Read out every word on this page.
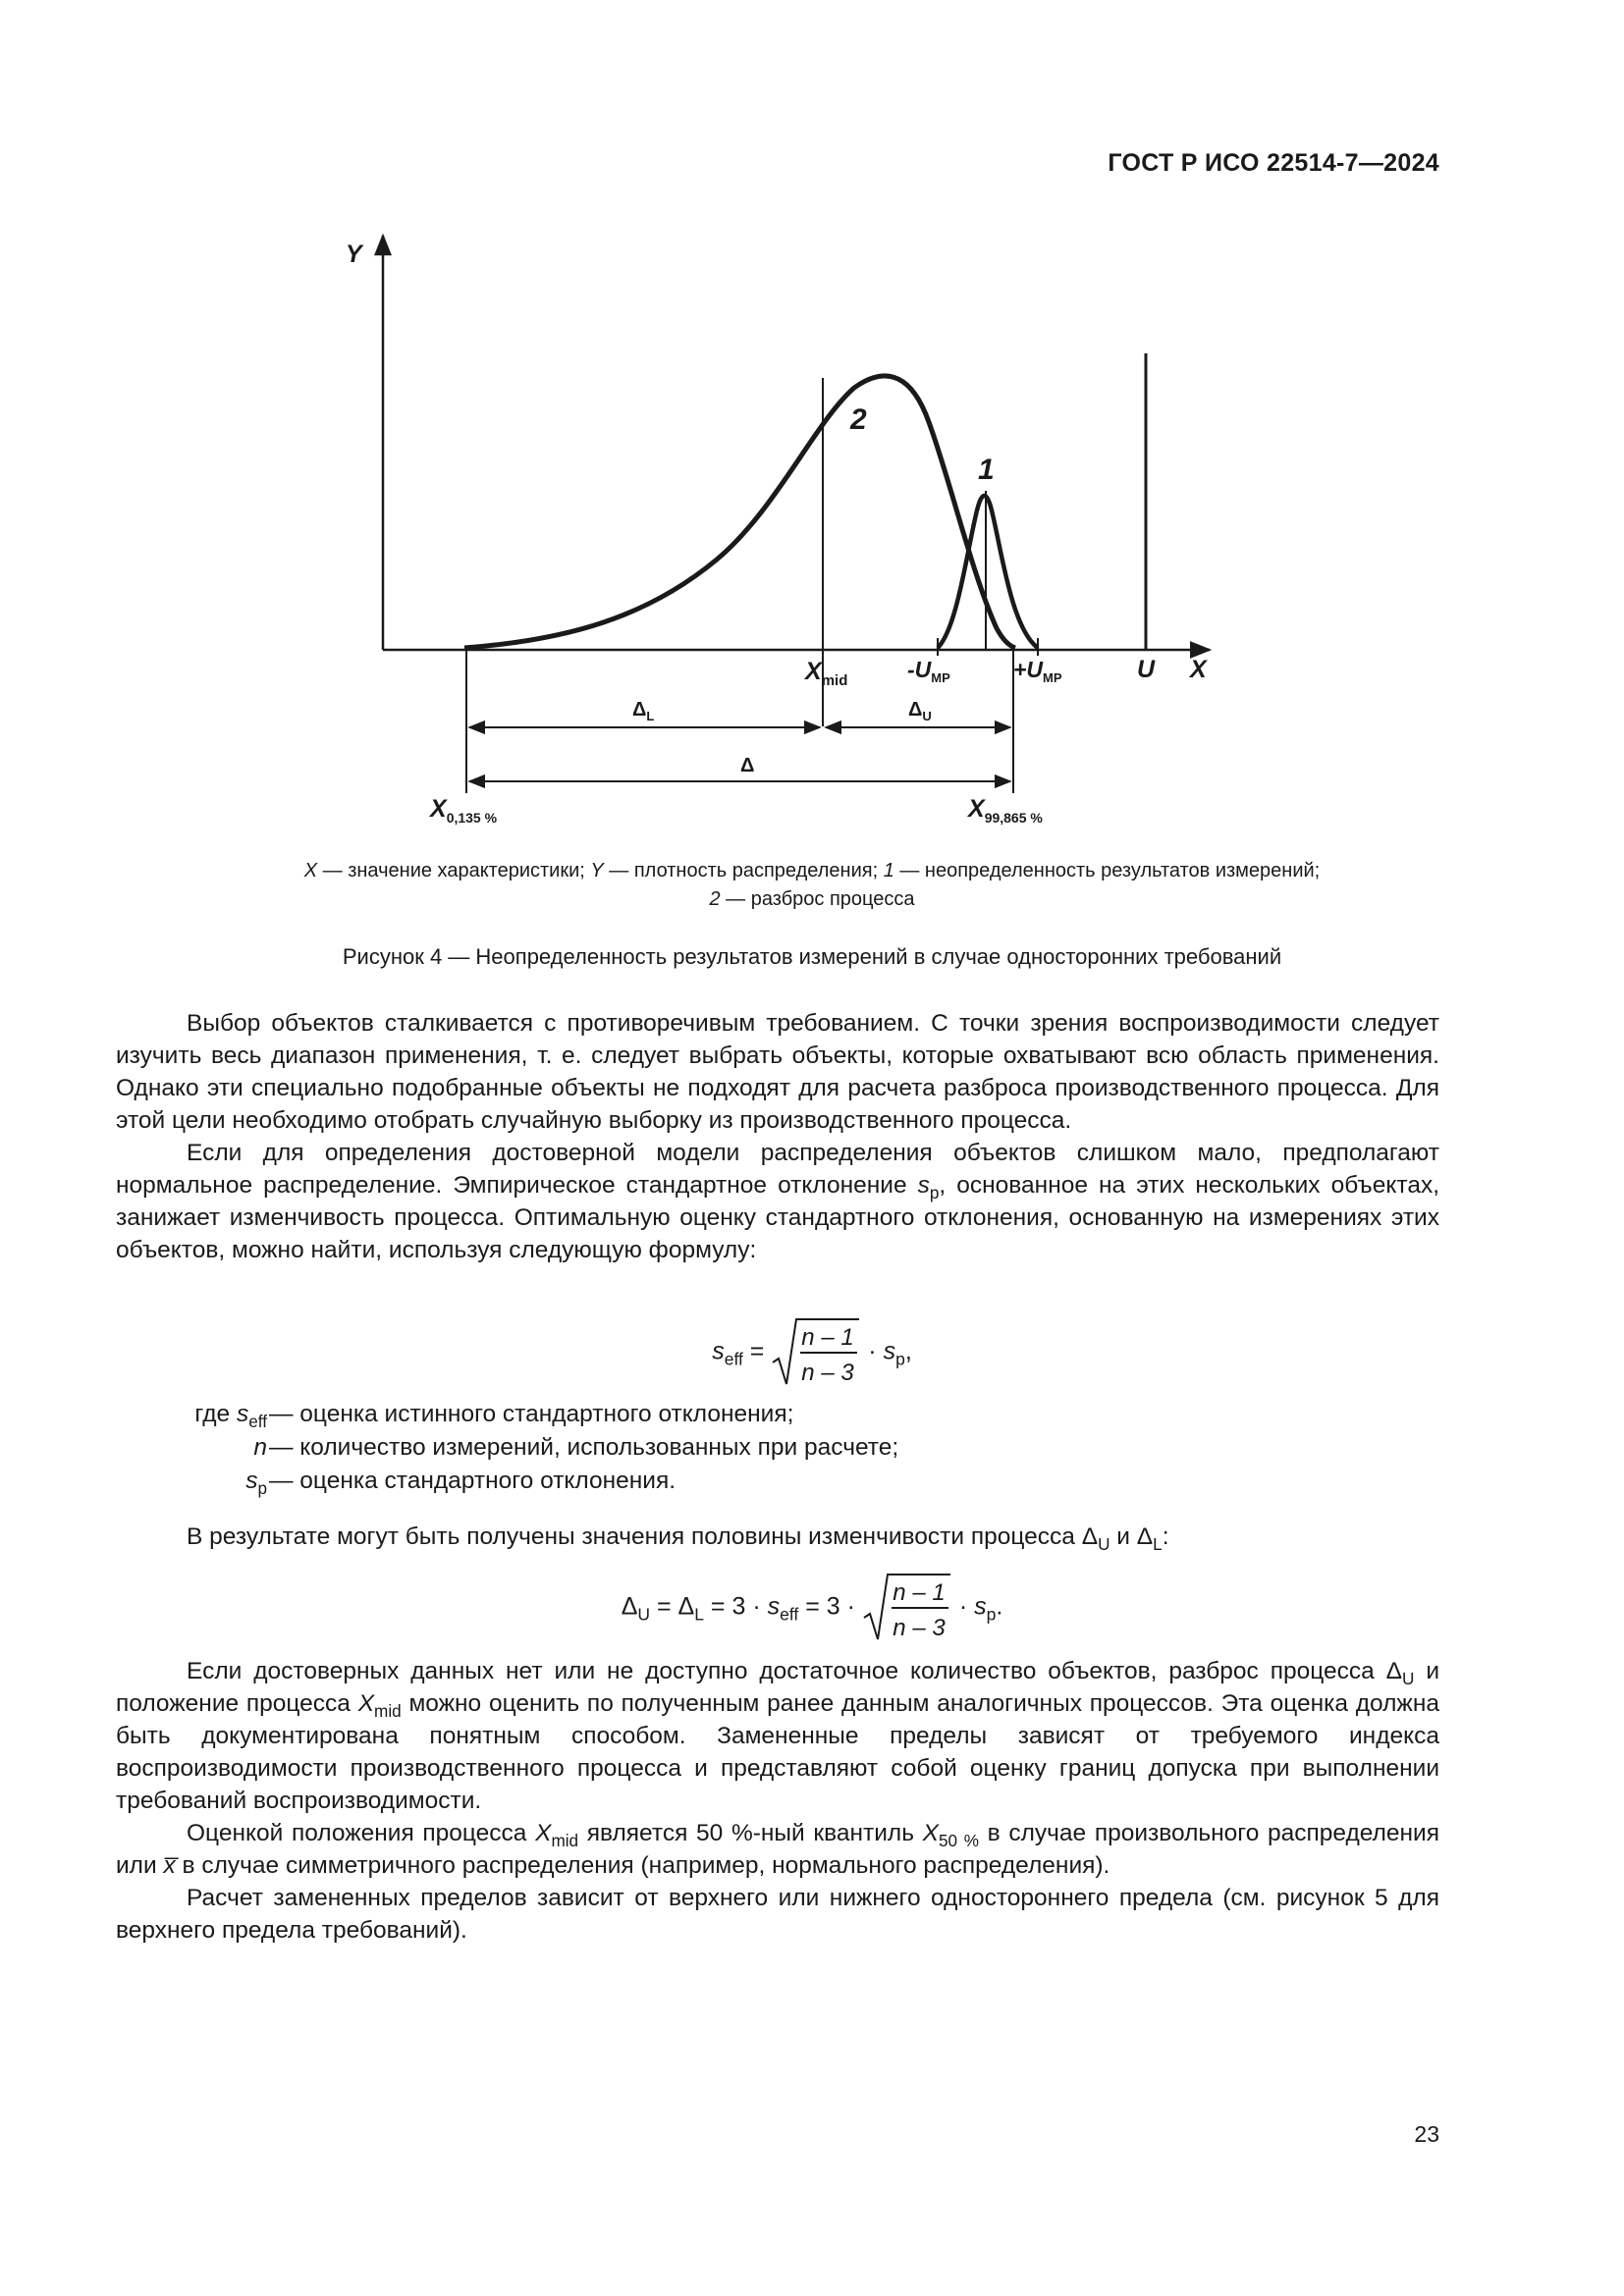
ГОСТ Р ИСО 22514-7—2024
Y
X
2
1
$X_{mid}$	$-U_{MP}$	$+U_{MP}$	U
$\Delta_L$	$\Delta_U$
Δ
$X_{0,135 \%}$	$X_{99,865 \%}$
X — значение характеристики; Y — плотность распределения; 1 — неопределенность результатов измерений;
2 — разброс процесса
Рисунок 4 — Неопределенность результатов измерений в случае односторонних требований

Выбор объектов сталкивается с противоречивым требованием. С точки зрения воспроизводимости следует изучить весь диапазон применения, т. е. следует выбрать объекты, которые охватывают всю область применения. Однако эти специально подобранные объекты не подходят для расчета разброса производственного процесса. Для этой цели необходимо отобрать случайную выборку из производственного процесса.

Если для определения достоверной модели распределения объектов слишком мало, предполагают нормальное распределение. Эмпирическое стандартное отклонение $s_p$, основанное на этих нескольких объектах, занижает изменчивость процесса. Оптимальную оценку стандартного отклонения, основанную на измерениях этих объектов, можно найти, используя следующую формулу:

$s_{eff}$ =
n – 1
n – 3
· $s_p$,
где $s_{eff}$ — оценка истинного стандартного отклонения;
n — количество измерений, использованных при расчете;
$s_p$ — оценка стандартного отклонения.

В результате могут быть получены значения половины изменчивости процесса $\Delta_U$ и $\Delta_L$:

$\Delta_U = \Delta_L = 3 \cdot s_{eff} = 3$ ·
n – 1
n – 3
· $s_p$.

Если достоверных данных нет или не доступно достаточное количество объектов, разброс процесса $\Delta_U$ и положение процесса $X_{mid}$ можно оценить по полученным ранее данным аналогичных процессов. Эта оценка должна быть документирована понятным способом. Замененные пределы зависят от требуемого индекса воспроизводимости производственного процесса и представляют собой оценку границ допуска при выполнении требований воспроизводимости.

Оценкой положения процесса $X_{mid}$ является 50 %-ный квантиль $X_{50 \%}$ в случае произвольного распределения или x̅ в случае симметричного распределения (например, нормального распределения).

Расчет замененных пределов зависит от верхнего или нижнего одностороннего предела (см. рисунок 5 для верхнего предела требований).

23
